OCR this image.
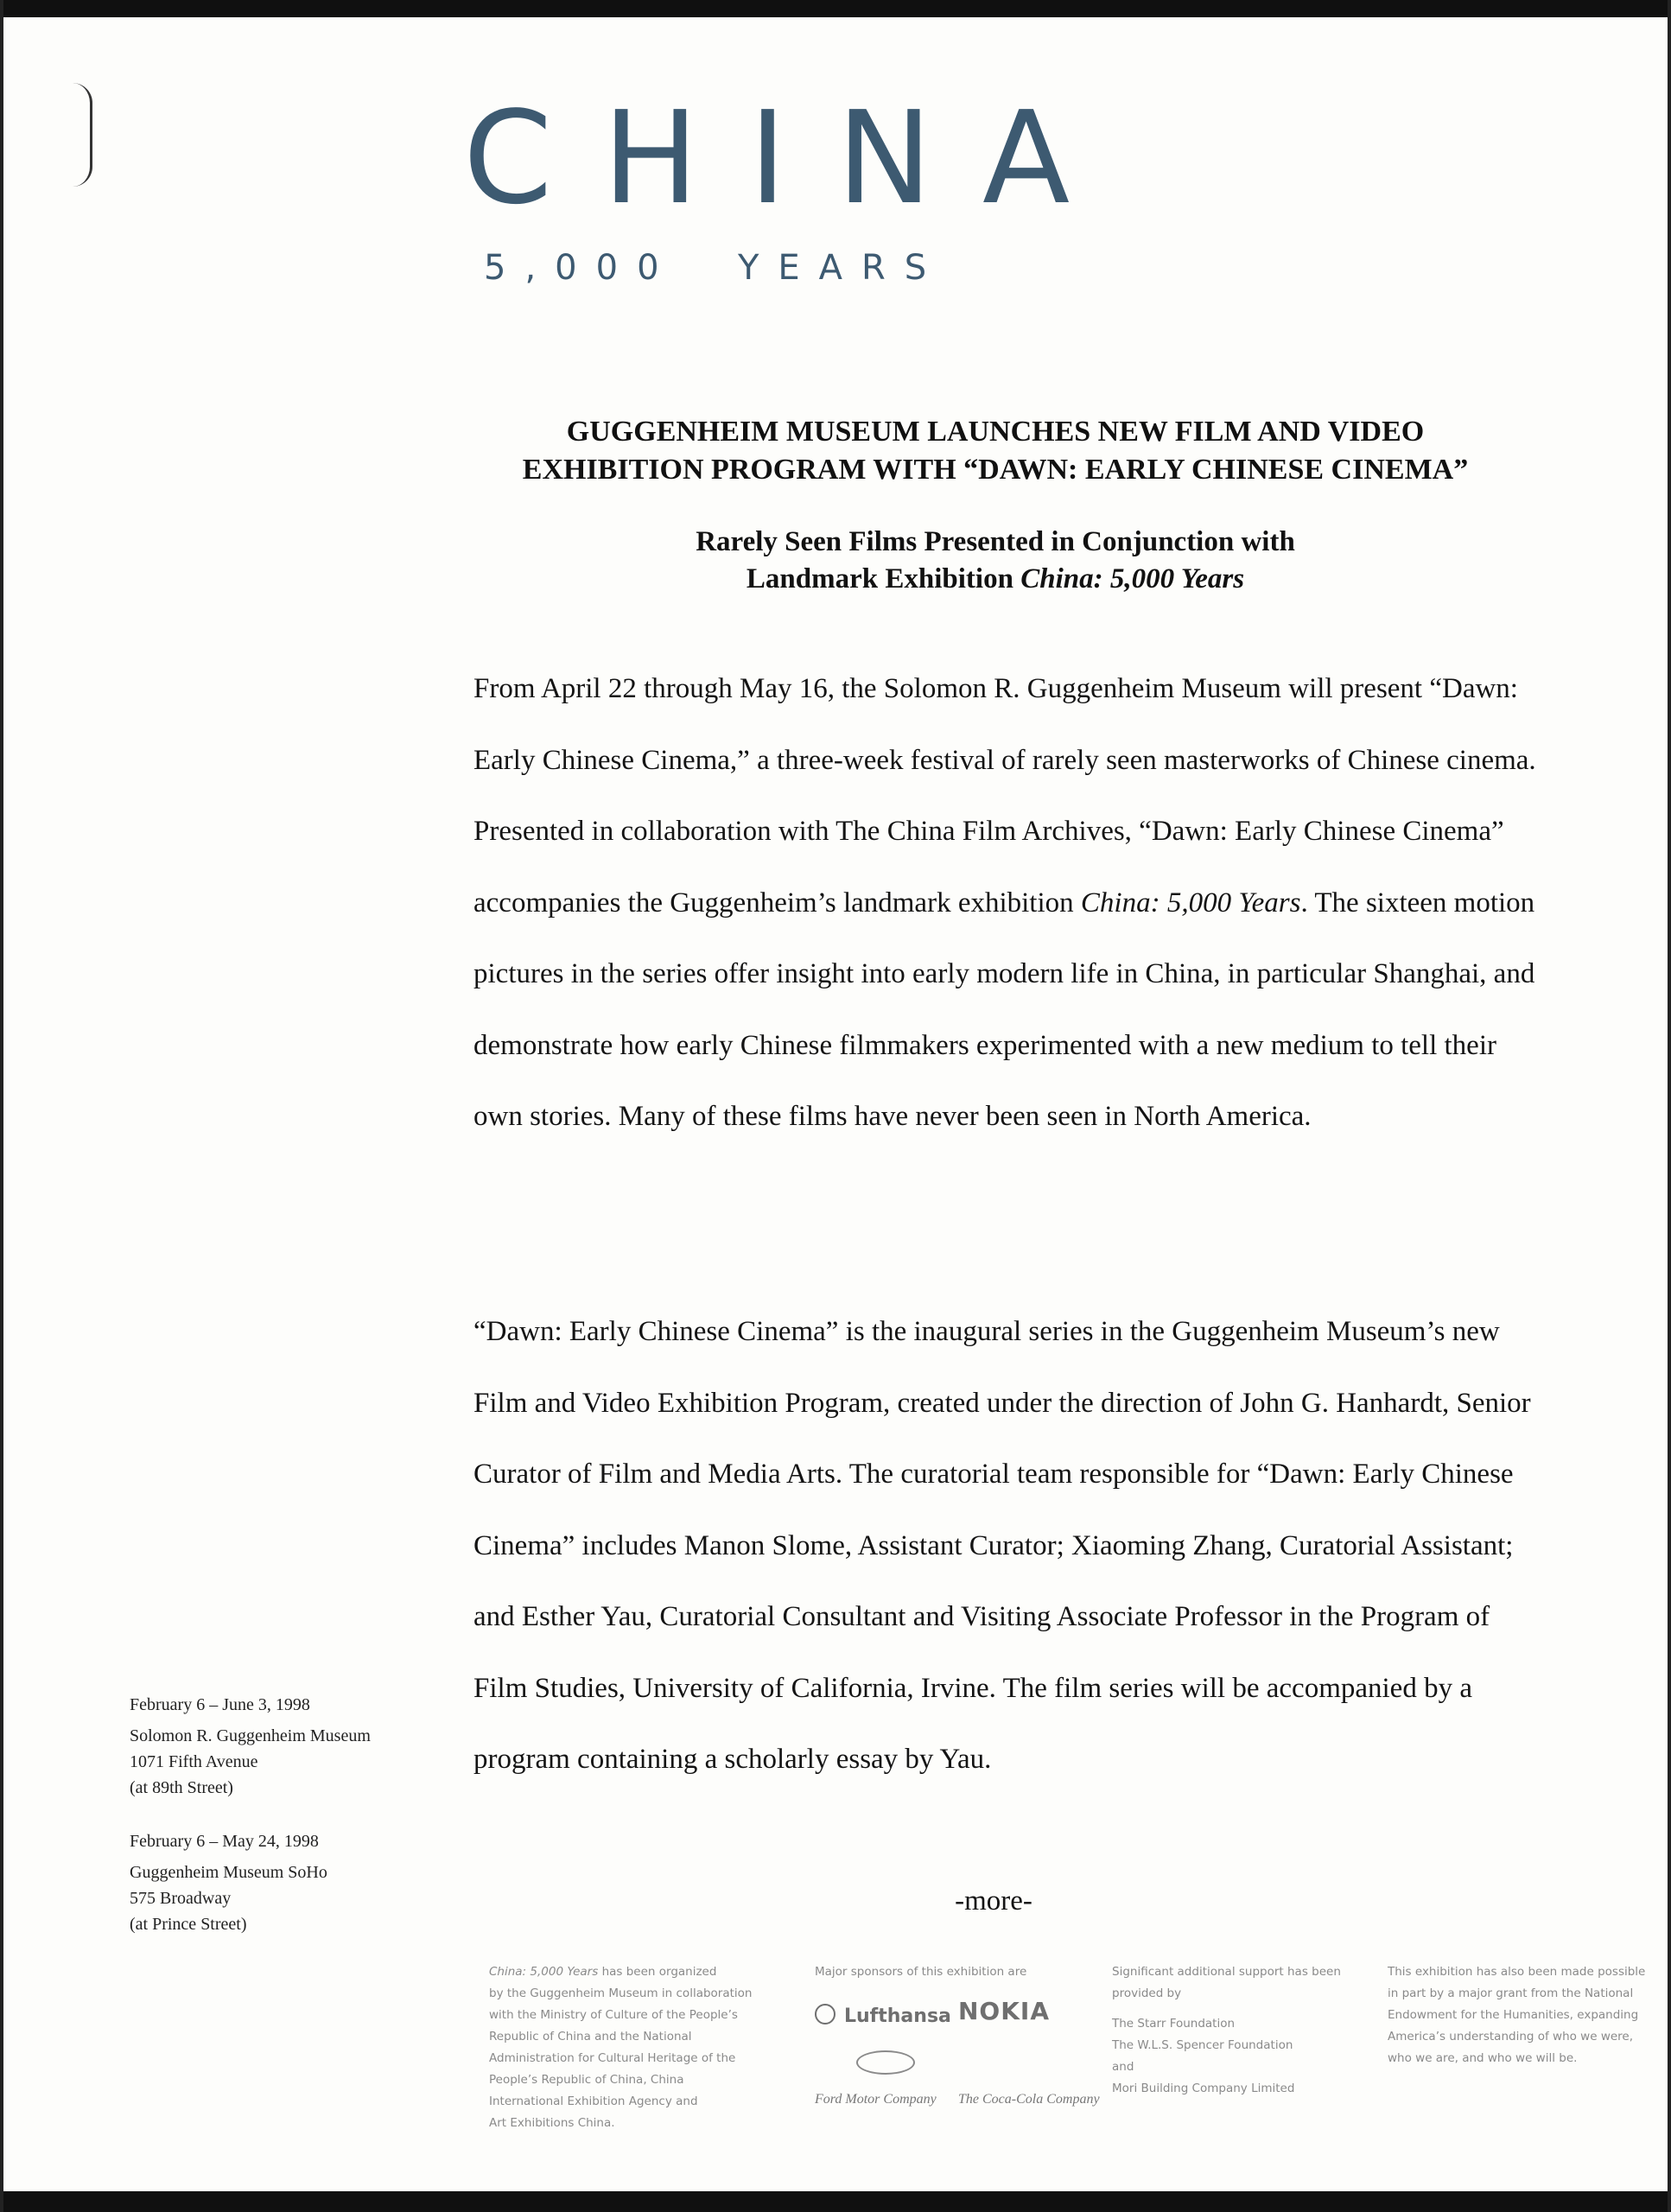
CHINA
5,000  YEARS
GUGGENHEIM MUSEUM LAUNCHES NEW FILM AND VIDEO
EXHIBITION PROGRAM WITH “DAWN: EARLY CHINESE CINEMA”
Rarely Seen Films Presented in Conjunction with
Landmark Exhibition China: 5,000 Years

From April 22 through May 16, the Solomon R. Guggenheim Museum will present “Dawn: Early Chinese Cinema,” a three-week festival of rarely seen masterworks of Chinese cinema. Presented in collaboration with The China Film Archives, “Dawn: Early Chinese Cinema” accompanies the Guggenheim’s landmark exhibition China: 5,000 Years. The sixteen motion pictures in the series offer insight into early modern life in China, in particular Shanghai, and demonstrate how early Chinese filmmakers experimented with a new medium to tell their own stories. Many of these films have never been seen in North America.

“Dawn: Early Chinese Cinema” is the inaugural series in the Guggenheim Museum’s new Film and Video Exhibition Program, created under the direction of John G. Hanhardt, Senior Curator of Film and Media Arts. The curatorial team responsible for “Dawn: Early Chinese Cinema” includes Manon Slome, Assistant Curator; Xiaoming Zhang, Curatorial Assistant; and Esther Yau, Curatorial Consultant and Visiting Associate Professor in the Program of Film Studies, University of California, Irvine. The film series will be accompanied by a program containing a scholarly essay by Yau.

-more-
February 6 – June 3, 1998
Solomon R. Guggenheim Museum
1071 Fifth Avenue
(at 89th Street)
February 6 – May 24, 1998
Guggenheim Museum SoHo
575 Broadway
(at Prince Street)
China: 5,000 Years has been organized
by the Guggenheim Museum in collaboration
with the Ministry of Culture of the People’s
Republic of China and the National
Administration for Cultural Heritage of the
People’s Republic of China, China
International Exhibition Agency and
Art Exhibitions China.
Major sponsors of this exhibition are
Lufthansa NOKIA
Ford Motor Company The Coca-Cola Company
Significant additional support has been
provided by
The Starr Foundation
The W.L.S. Spencer Foundation
and
Mori Building Company Limited
This exhibition has also been made possible
in part by a major grant from the National
Endowment for the Humanities, expanding
America’s understanding of who we were,
who we are, and who we will be.
